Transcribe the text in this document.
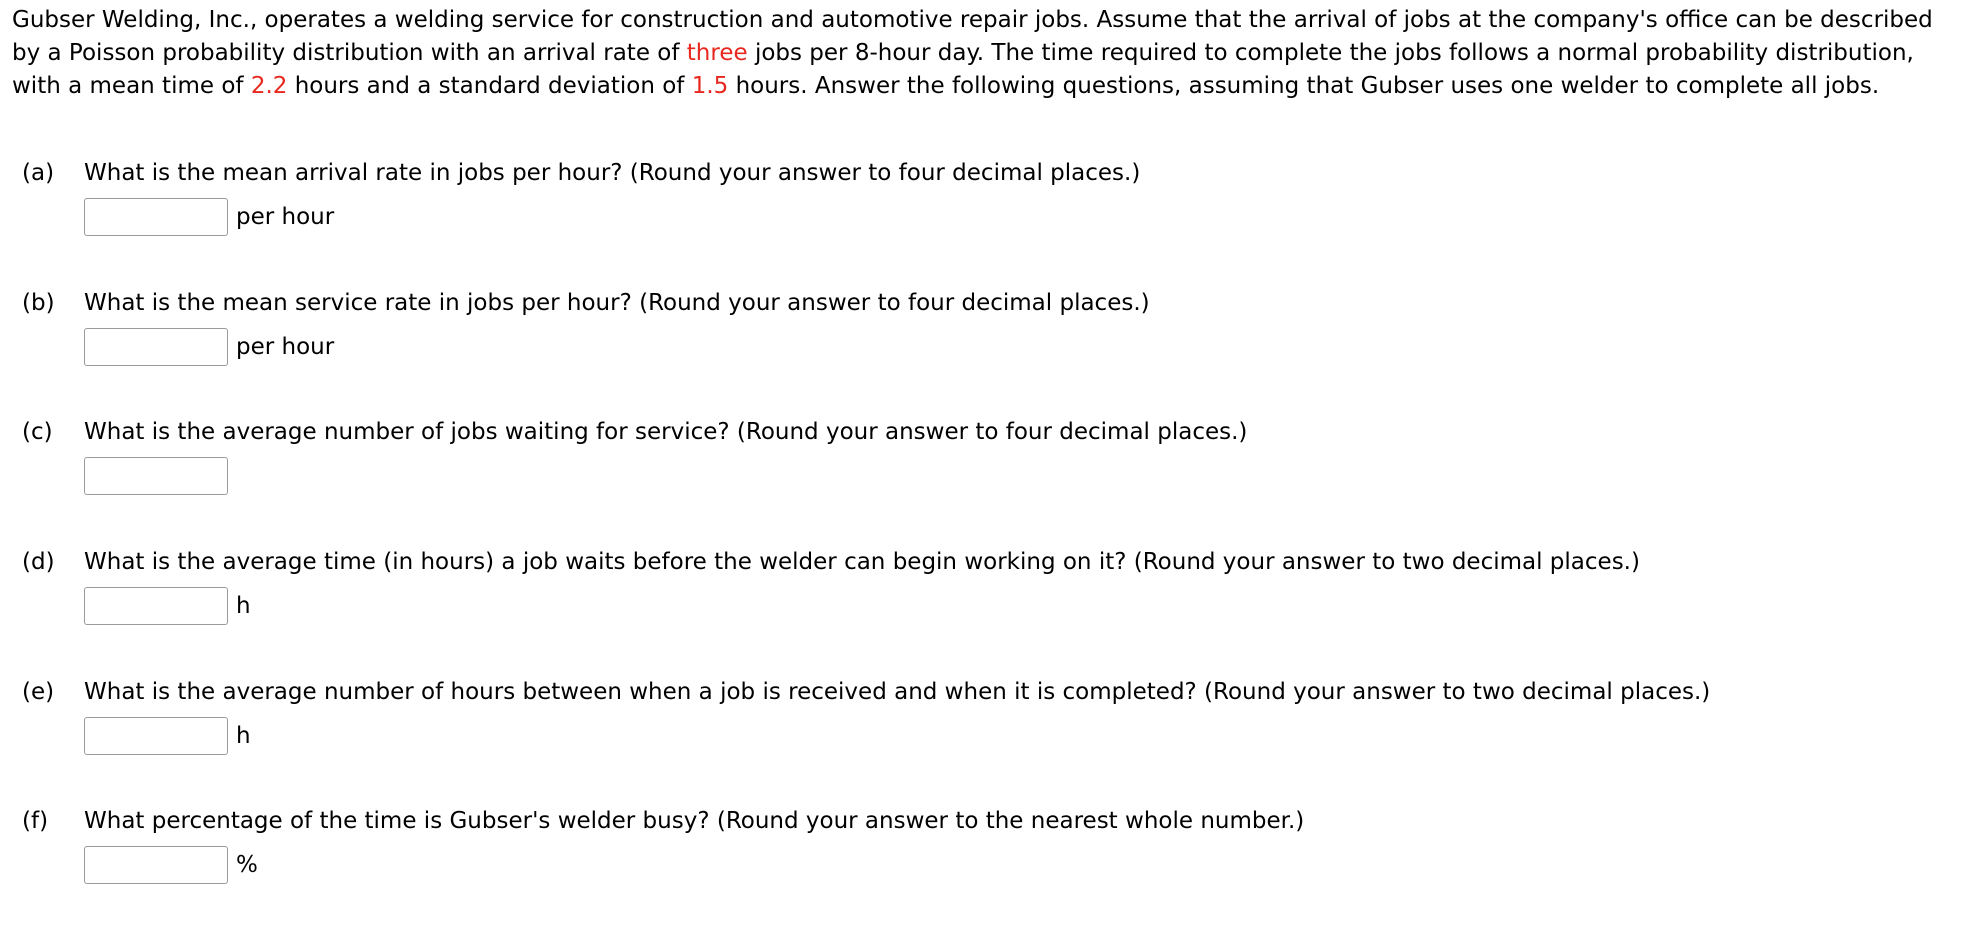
Gubser Welding, Inc., operates a welding service for construction and automotive repair jobs. Assume that the arrival of jobs at the company's office can be described by a Poisson probability distribution with an arrival rate of three jobs per 8-hour day. The time required to complete the jobs follows a normal probability distribution, with a mean time of 2.2 hours and a standard deviation of 1.5 hours. Answer the following questions, assuming that Gubser uses one welder to complete all jobs.

(a)	What is the mean arrival rate in jobs per hour? (Round your answer to four decimal places.)
per hour
(b)	What is the mean service rate in jobs per hour? (Round your answer to four decimal places.)
per hour
(c)	What is the average number of jobs waiting for service? (Round your answer to four decimal places.)
(d)	What is the average time (in hours) a job waits before the welder can begin working on it? (Round your answer to two decimal places.)
h
(e)	What is the average number of hours between when a job is received and when it is completed? (Round your answer to two decimal places.)
h
(f)	What percentage of the time is Gubser's welder busy? (Round your answer to the nearest whole number.)
%
